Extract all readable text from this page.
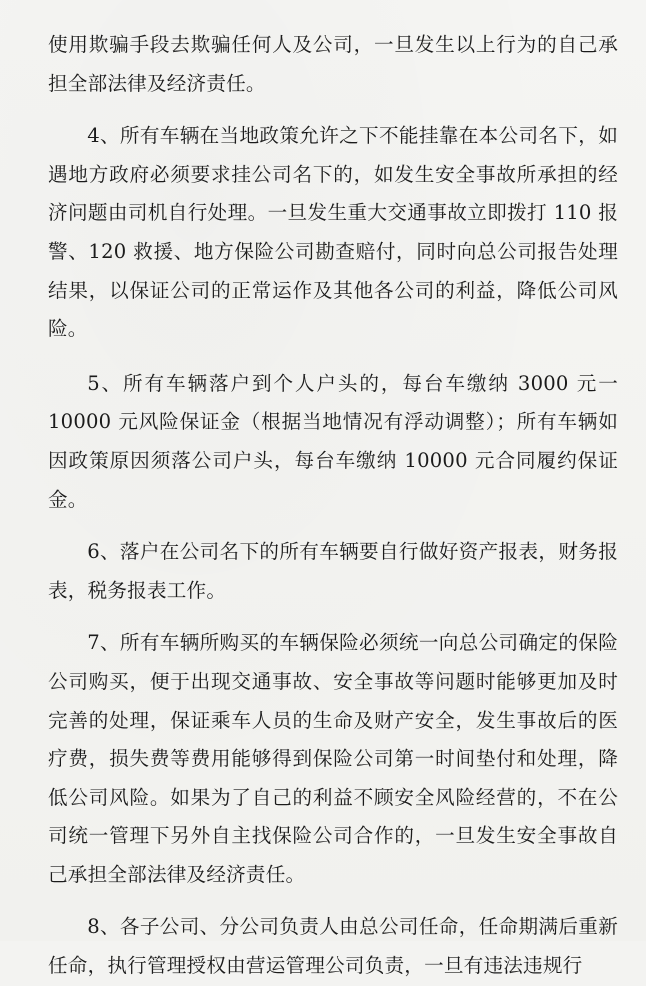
使用欺骗手段去欺骗任何人及公司，一旦发生以上行为的自己承担全部法律及经济责任。

4、所有车辆在当地政策允许之下不能挂靠在本公司名下，如遇地方政府必须要求挂公司名下的，如发生安全事故所承担的经济问题由司机自行处理。一旦发生重大交通事故立即拨打 110 报警、120 救援、地方保险公司勘查赔付，同时向总公司报告处理结果，以保证公司的正常运作及其他各公司的利益，降低公司风险。

5、所有车辆落户到个人户头的，每台车缴纳 3000 元一 10000 元风险保证金（根据当地情况有浮动调整）；所有车辆如因政策原因须落公司户头，每台车缴纳 10000 元合同履约保证金。

6、落户在公司名下的所有车辆要自行做好资产报表，财务报表，税务报表工作。

7、所有车辆所购买的车辆保险必须统一向总公司确定的保险公司购买，便于出现交通事故、安全事故等问题时能够更加及时完善的处理，保证乘车人员的生命及财产安全，发生事故后的医疗费，损失费等费用能够得到保险公司第一时间垫付和处理，降低公司风险。如果为了自己的利益不顾安全风险经营的，不在公司统一管理下另外自主找保险公司合作的，一旦发生安全事故自己承担全部法律及经济责任。

8、各子公司、分公司负责人由总公司任命，任命期满后重新任命，执行管理授权由营运管理公司负责，一旦有违法违规行
